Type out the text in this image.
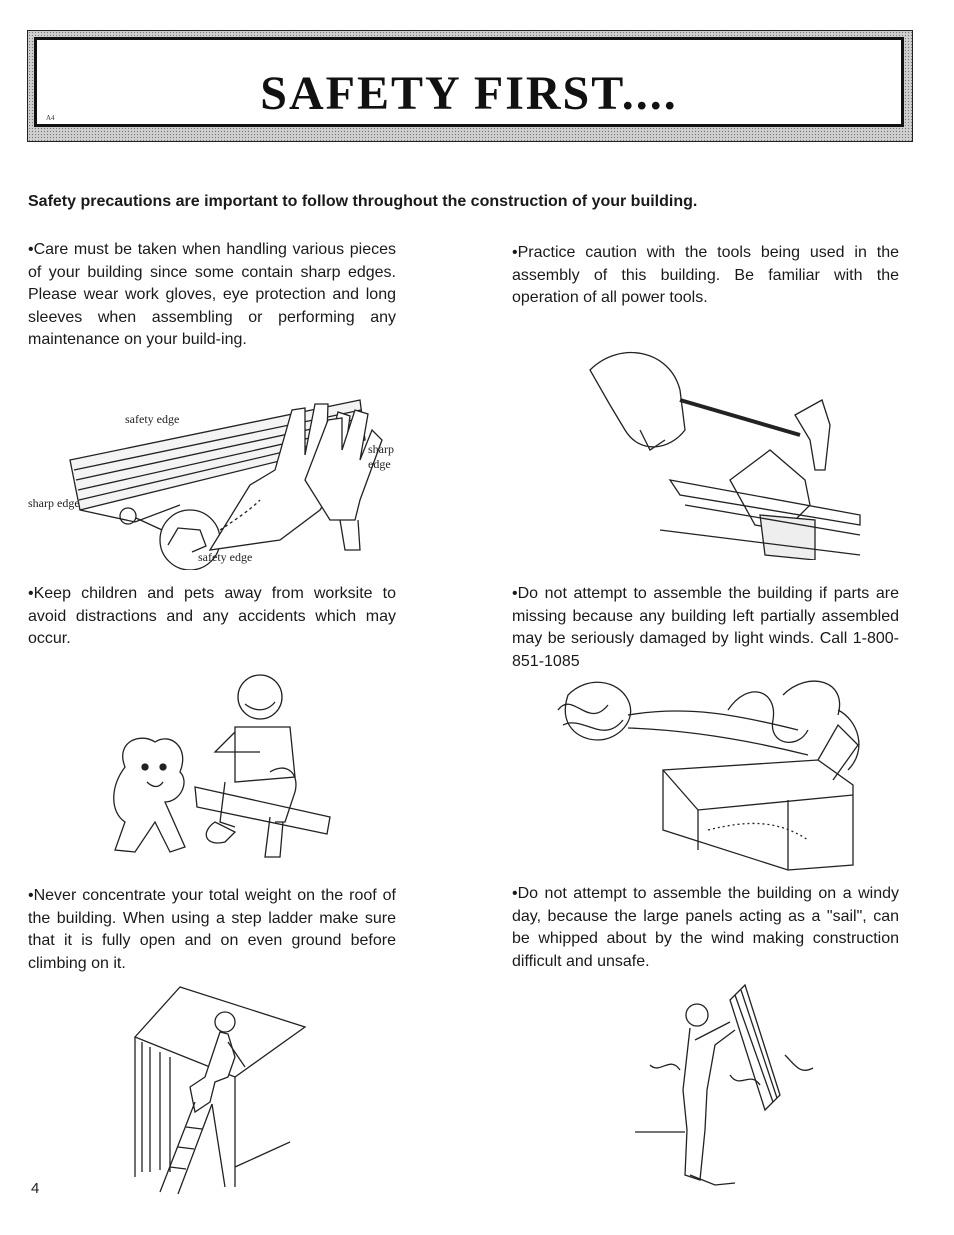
SAFETY FIRST....
A4
Safety precautions are important to follow throughout the construction of your building.
•Care must be taken when handling various pieces of your building since some contain sharp edges. Please wear work gloves, eye protection and long sleeves when assembling or performing any maintenance on your build-ing.
•Practice caution with the tools being used in the assembly of this building. Be familiar with the operation of all power tools.
•Keep children and pets away from worksite to avoid distractions and any accidents which may occur.
•Do not attempt to assemble the building if parts are missing because any building left partially assembled may be seriously damaged by light winds. Call 1-800-851-1085
•Never concentrate your total weight on the roof of the building. When using a step ladder make sure that it is fully open and on even ground before climbing on it.
•Do not attempt to assemble the building on a windy day, because the large panels acting as a "sail", can be whipped about by the wind making construction difficult and unsafe.
safety edge
sharp edge
sharp edge
safety edge
4
